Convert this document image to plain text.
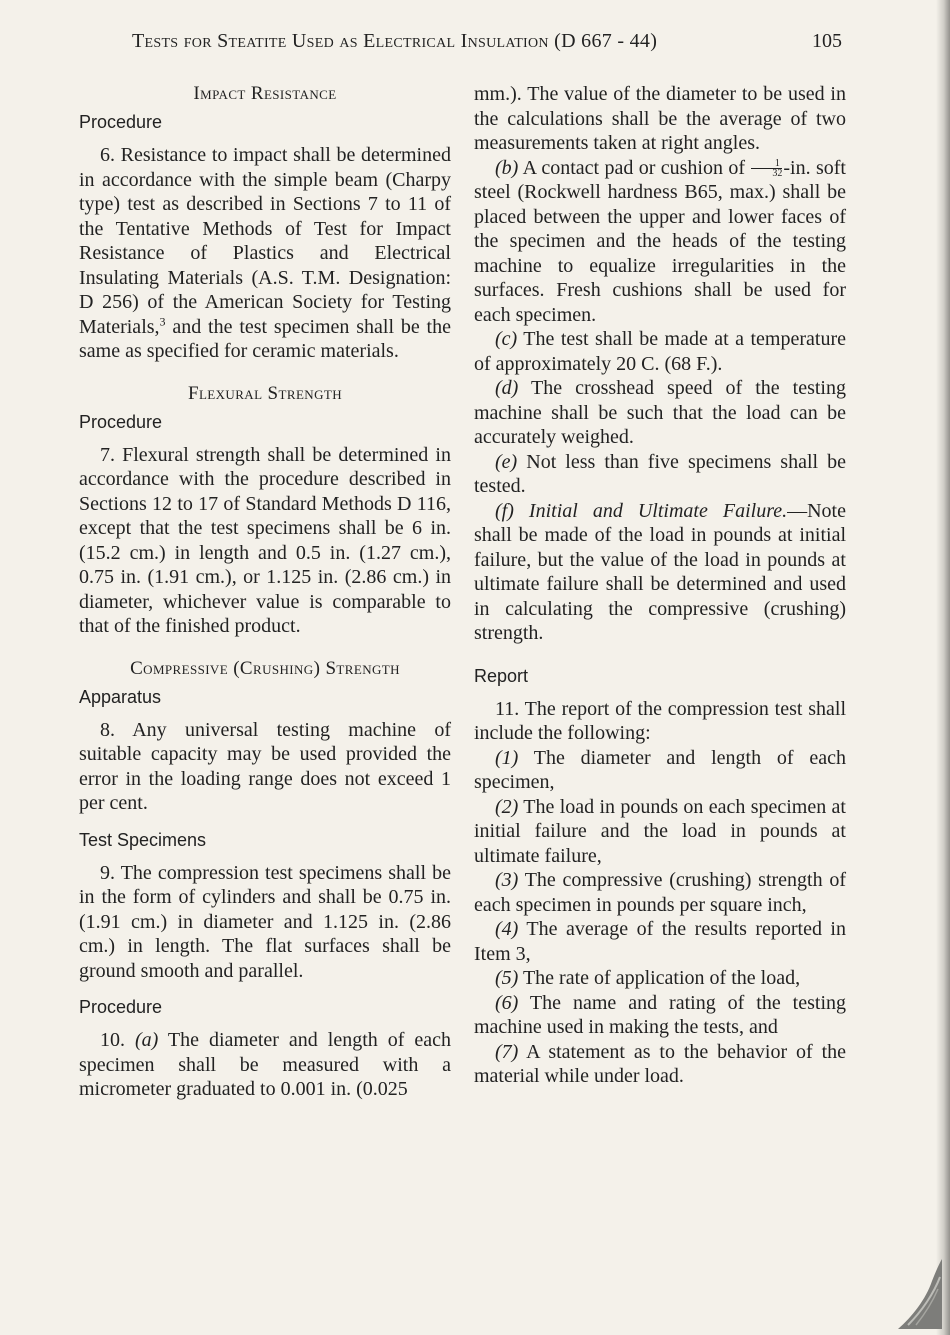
Tests for Steatite Used as Electrical Insulation (D 667 - 44)	105
Impact Resistance
Procedure

6. Resistance to impact shall be determined in accordance with the simple beam (Charpy type) test as described in Sections 7 to 11 of the Tentative Methods of Test for Impact Resistance of Plastics and Electrical Insulating Materials (A.S. T.M. Designation: D 256) of the American Society for Testing Materials,$^3$ and the test specimen shall be the same as specified for ceramic materials.

Flexural Strength
Procedure

7. Flexural strength shall be determined in accordance with the procedure described in Sections 12 to 17 of Standard Methods D 116, except that the test specimens shall be 6 in. (15.2 cm.) in length and 0.5 in. (1.27 cm.), 0.75 in. (1.91 cm.), or 1.125 in. (2.86 cm.) in diameter, whichever value is comparable to that of the finished product.

Compressive (Crushing) Strength
Apparatus

8. Any universal testing machine of suitable capacity may be used provided the error in the loading range does not exceed 1 per cent.

Test Specimens

9. The compression test specimens shall be in the form of cylinders and shall be 0.75 in. (1.91 cm.) in diameter and 1.125 in. (2.86 cm.) in length. The flat surfaces shall be ground smooth and parallel.

Procedure

10. (a) The diameter and length of each specimen shall be measured with a micrometer graduated to 0.001 in. (0.025

mm.). The value of the diameter to be used in the calculations shall be the average of two measurements taken at right angles.

(b) A contact pad or cushion of $\frac{1}{32} -in$. soft steel (Rockwell hardness B65, max.) shall be placed between the upper and lower faces of the specimen and the heads of the testing machine to equalize irregularities in the surfaces. Fresh cushions shall be used for each specimen.

(c) The test shall be made at a temperature of approximately 20 C. (68 F.).

(d) The crosshead speed of the testing machine shall be such that the load can be accurately weighed.

(e) Not less than five specimens shall be tested.

(f) Initial and Ultimate Failure.—Note shall be made of the load in pounds at initial failure, but the value of the load in pounds at ultimate failure shall be determined and used in calculating the compressive (crushing) strength.

Report

11. The report of the compression test shall include the following:

(1) The diameter and length of each specimen,

(2) The load in pounds on each specimen at initial failure and the load in pounds at ultimate failure,

(3) The compressive (crushing) strength of each specimen in pounds per square inch,

(4) The average of the results reported in Item 3,

(5) The rate of application of the load,

(6) The name and rating of the testing machine used in making the tests, and

(7) A statement as to the behavior of the material while under load.
